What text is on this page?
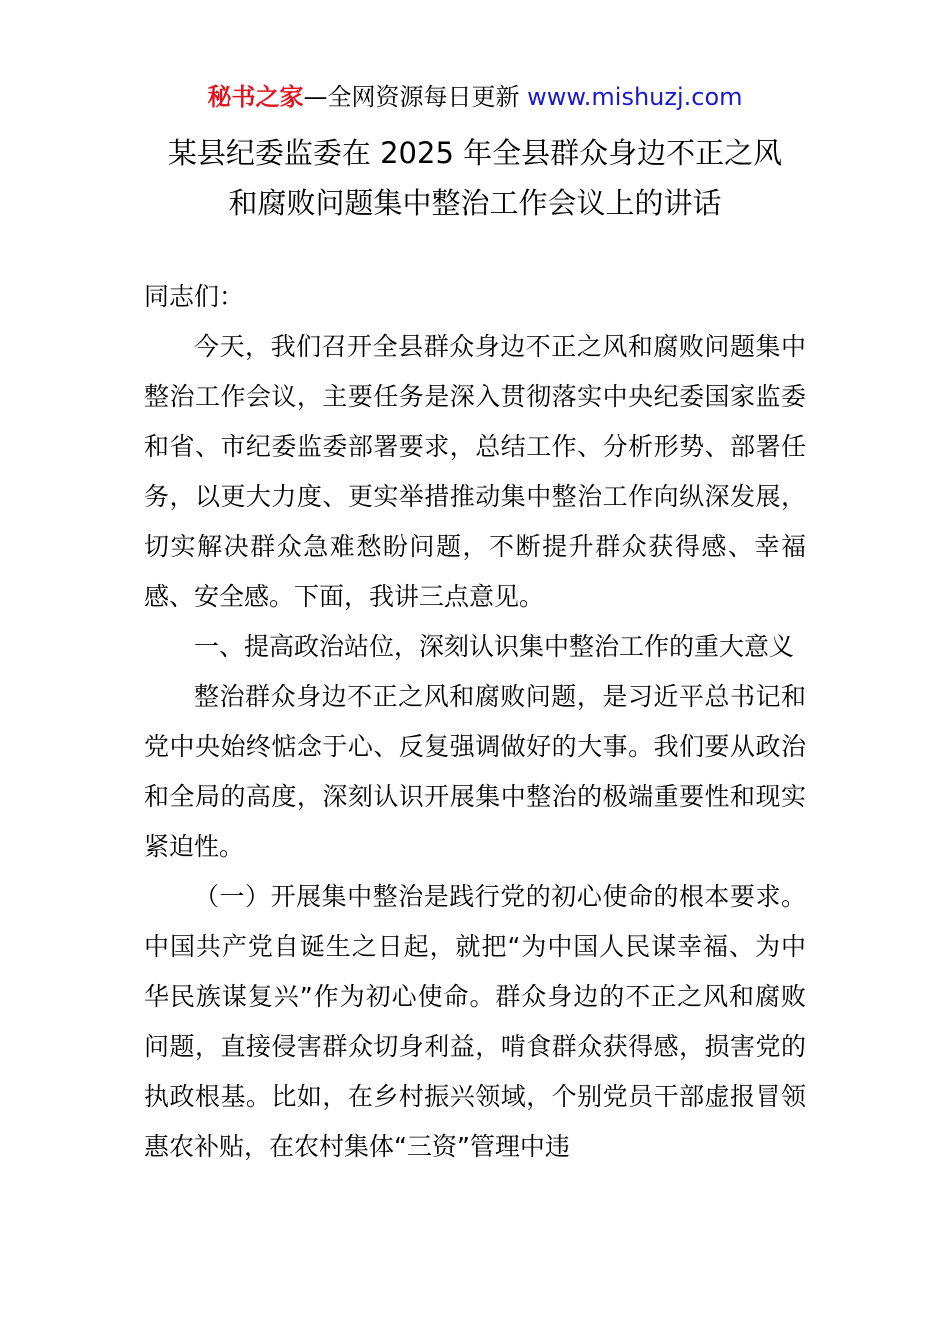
秘书之家—全网资源每日更新 www.mishuzj.com
某县纪委监委在 2025 年全县群众身边不正之风
和腐败问题集中整治工作会议上的讲话

同志们：

今天，我们召开全县群众身边不正之风和腐败问题集中整治工作会议，主要任务是深入贯彻落实中央纪委国家监委和省、市纪委监委部署要求，总结工作、分析形势、部署任务，以更大力度、更实举措推动集中整治工作向纵深发展，切实解决群众急难愁盼问题，不断提升群众获得感、幸福感、安全感。下面，我讲三点意见。

一、提高政治站位，深刻认识集中整治工作的重大意义

整治群众身边不正之风和腐败问题，是习近平总书记和党中央始终惦念于心、反复强调做好的大事。我们要从政治和全局的高度，深刻认识开展集中整治的极端重要性和现实紧迫性。

（一）开展集中整治是践行党的初心使命的根本要求。中国共产党自诞生之日起，就把“为中国人民谋幸福、为中华民族谋复兴”作为初心使命。群众身边的不正之风和腐败问题，直接侵害群众切身利益，啃食群众获得感，损害党的执政根基。比如，在乡村振兴领域，个别党员干部虚报冒领惠农补贴，在农村集体“三资”管理中违
